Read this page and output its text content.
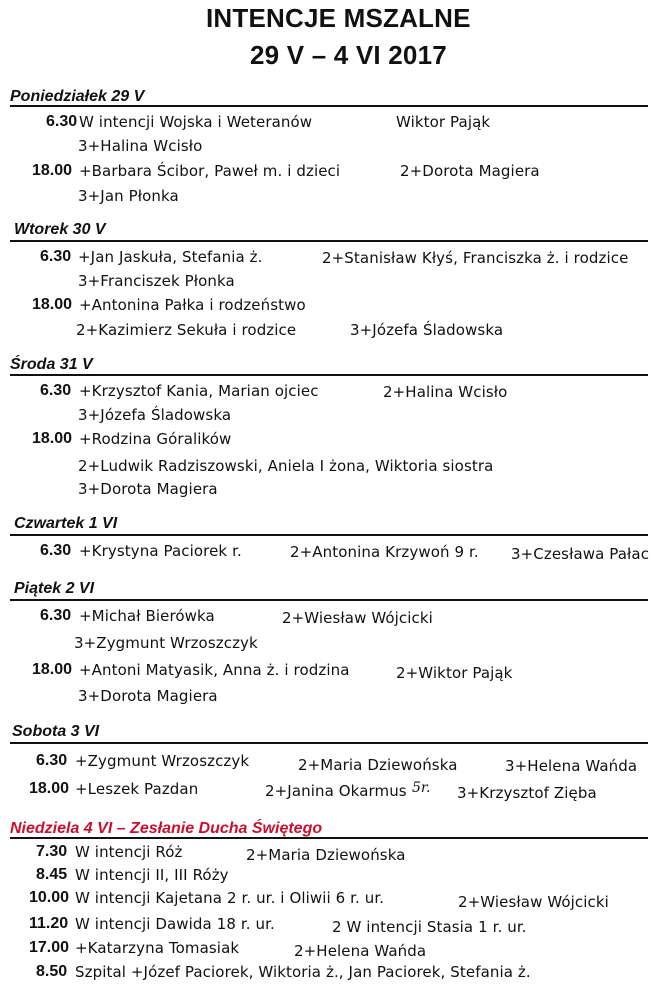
INTENCJE MSZALNE
29 V – 4 VI 2017
Poniedziałek 29 V
6.30 W intencji Wojska i Weteranów	Wiktor Pająk
3+Halina Wcisło
18.00 +Barbara Ścibor, Paweł m. i dzieci	2+Dorota Magiera
3+Jan Płonka
Wtorek 30 V
6.30 +Jan Jaskuła, Stefania ż.	2+Stanisław Kłyś, Franciszka ż. i rodzice
3+Franciszek Płonka
18.00 +Antonina Pałka i rodzeństwo
2+Kazimierz Sekuła i rodzice	3+Józefa Śladowska
Środa 31 V
6.30 +Krzysztof Kania, Marian ojciec	2+Halina Wcisło
3+Józefa Śladowska
18.00 +Rodzina Góralików
2+Ludwik Radziszowski, Aniela I żona, Wiktoria siostra
3+Dorota Magiera
Czwartek 1 VI
6.30 +Krystyna Paciorek r.	2+Antonina Krzywoń 9 r. 3+Czesława Pałac
Piątek 2 VI
6.30 +Michał Bierówka	2+Wiesław Wójcicki
3+Zygmunt Wrzoszczyk
18.00 +Antoni Matyasik, Anna ż. i rodzina	2+Wiktor Pająk
3+Dorota Magiera
Sobota 3 VI
6.30 +Zygmunt Wrzoszczyk	2+Maria Dziewońska	3+Helena Wańda
18.00 +Leszek Pazdan	2+Janina Okarmus 5r. 3+Krzysztof Zięba
Niedziela 4 VI – Zesłanie Ducha Świętego
7.30 W intencji Róż	2+Maria Dziewońska
8.45 W intencji II, III Róży
10.00 W intencji Kajetana 2 r. ur. i Oliwii 6 r. ur.	2+Wiesław Wójcicki
11.20 W intencji Dawida 18 r. ur.	2 W intencji Stasia 1 r. ur.
17.00 +Katarzyna Tomasiak	2+Helena Wańda
8.50 Szpital +Józef Paciorek, Wiktoria ż., Jan Paciorek, Stefania ż.
